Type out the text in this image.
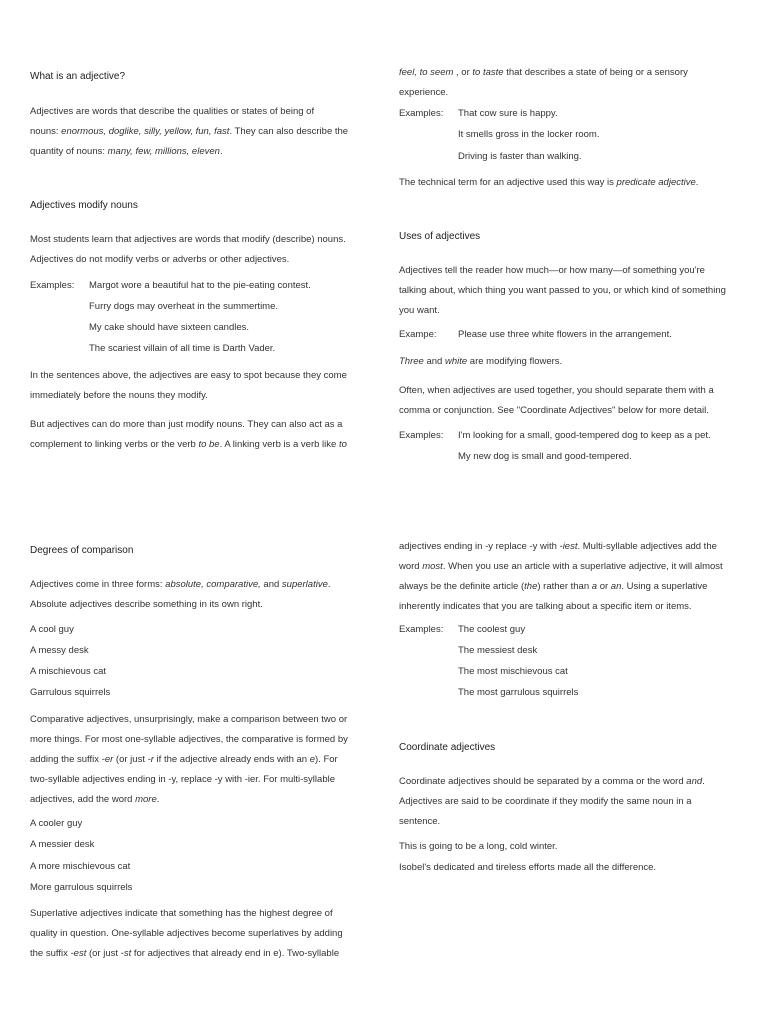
What is an adjective?
Adjectives are words that describe the qualities or states of being of
nouns: enormous, doglike, silly, yellow, fun, fast. They can also describe the
quantity of nouns: many, few, millions, eleven.
Adjectives modify nouns
Most students learn that adjectives are words that modify (describe) nouns.
Adjectives do not modify verbs or adverbs or other adjectives.
Examples: Margot wore a beautiful hat to the pie-eating contest.
Furry dogs may overheat in the summertime.
My cake should have sixteen candles.
The scariest villain of all time is Darth Vader.
In the sentences above, the adjectives are easy to spot because they come
immediately before the nouns they modify.
But adjectives can do more than just modify nouns. They can also act as a
complement to linking verbs or the verb to be. A linking verb is a verb like to
feel, to seem , or to taste that describes a state of being or a sensory
experience.
Examples: That cow sure is happy.
It smells gross in the locker room.
Driving is faster than walking.
The technical term for an adjective used this way is predicate adjective.
Uses of adjectives
Adjectives tell the reader how much—or how many—of something you're
talking about, which thing you want passed to you, or which kind of something
you want.
Exampe: Please use three white flowers in the arrangement.
Three and white are modifying flowers.
Often, when adjectives are used together, you should separate them with a
comma or conjunction. See "Coordinate Adjectives" below for more detail.
Examples: I'm looking for a small, good-tempered dog to keep as a pet.
My new dog is small and good-tempered.
Degrees of comparison
Adjectives come in three forms: absolute, comparative, and superlative.
Absolute adjectives describe something in its own right.
A cool guy
A messy desk
A mischievous cat
Garrulous squirrels
Comparative adjectives, unsurprisingly, make a comparison between two or
more things. For most one-syllable adjectives, the comparative is formed by
adding the suffix -er (or just -r if the adjective already ends with an e). For
two-syllable adjectives ending in -y, replace -y with -ier. For multi-syllable
adjectives, add the word more.
A cooler guy
A messier desk
A more mischievous cat
More garrulous squirrels
Superlative adjectives indicate that something has the highest degree of
quality in question. One-syllable adjectives become superlatives by adding
the suffix -est (or just -st for adjectives that already end in e). Two-syllable
adjectives ending in -y replace -y with -iest. Multi-syllable adjectives add the
word most. When you use an article with a superlative adjective, it will almost
always be the definite article (the) rather than a or an. Using a superlative
inherently indicates that you are talking about a specific item or items.
Examples: The coolest guy
The messiest desk
The most mischievous cat
The most garrulous squirrels
Coordinate adjectives
Coordinate adjectives should be separated by a comma or the word and.
Adjectives are said to be coordinate if they modify the same noun in a
sentence.
This is going to be a long, cold winter.
Isobel's dedicated and tireless efforts made all the difference.
